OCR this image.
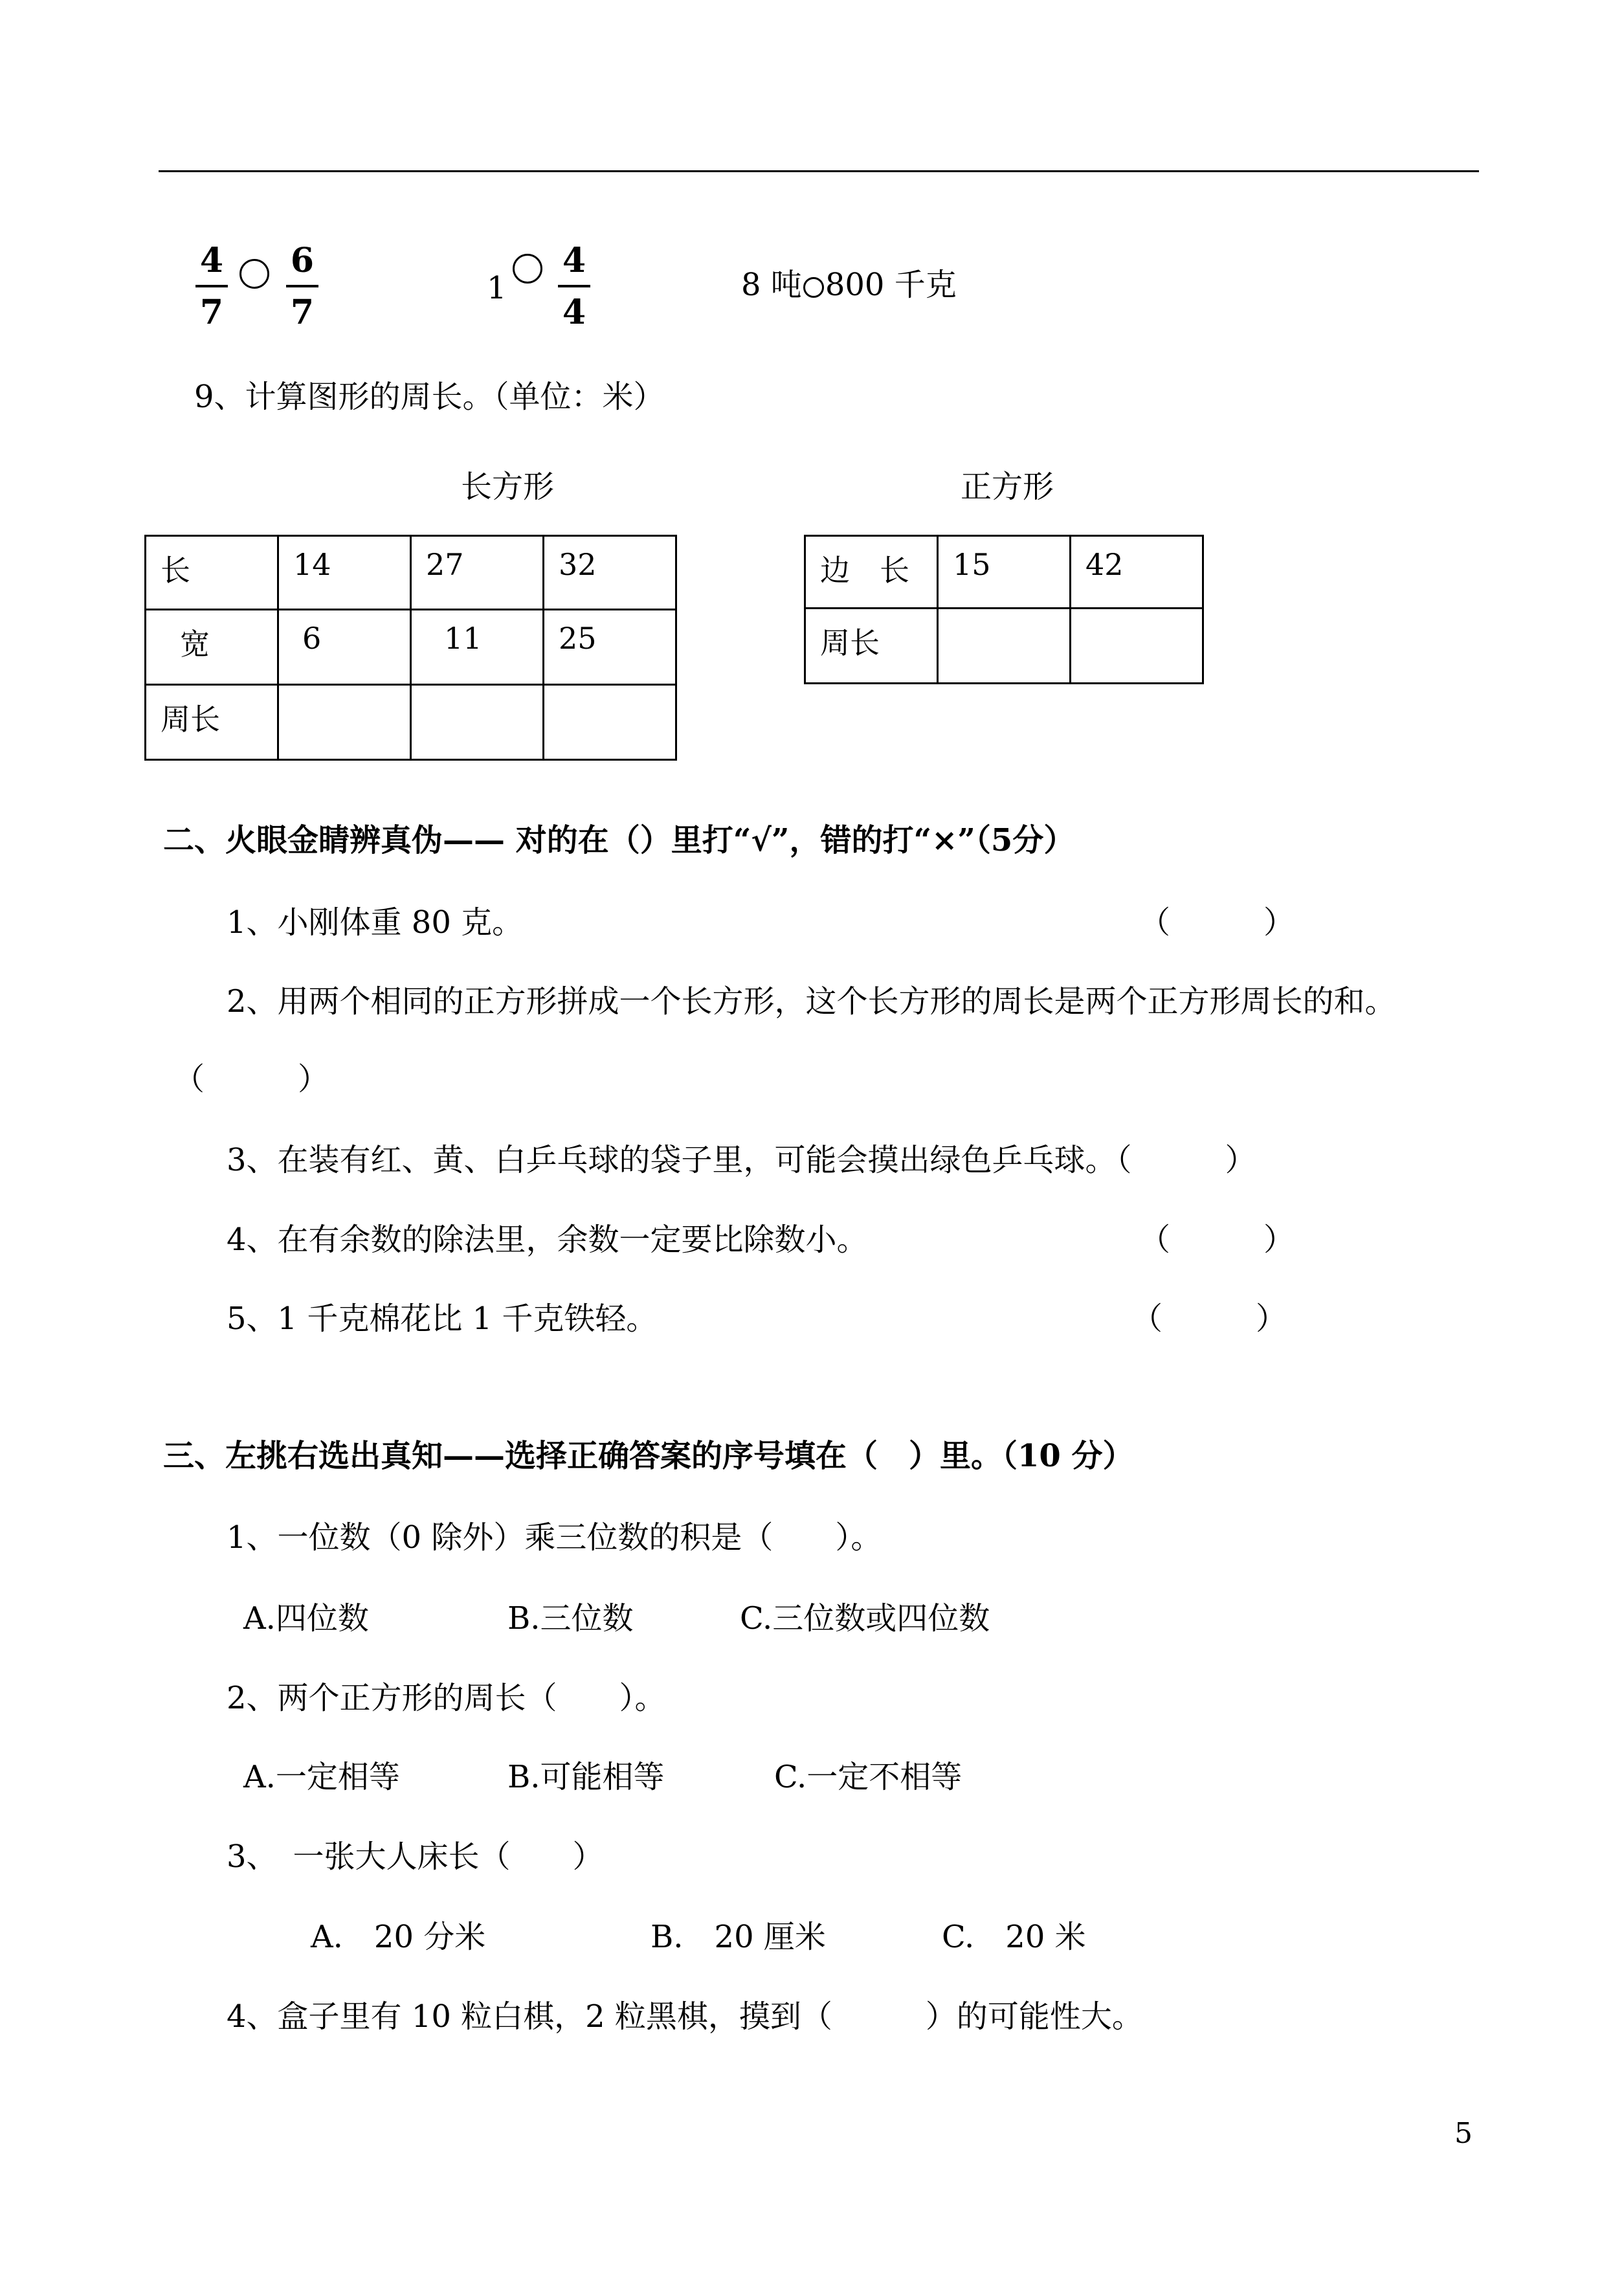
4
7
6
7
1
4
4
8 吨 800 千克
9、计算图形的周长。（单位：米）
长方形	正方形
长	14	27	32
宽	6	11	25
周长			
边　长	15	42
周长		
二、火眼金睛辨真伪—— 对的在（）里打“√”，错的打“×”（5分）
1、小刚体重 80 克。	（　　　）
2、用两个相同的正方形拼成一个长方形，这个长方形的周长是两个正方形周长的和。
（　　　）
3、在装有红、黄、白乒乓球的袋子里，可能会摸出绿色乒乓球。（　　　）
4、在有余数的除法里，余数一定要比除数小。	（　　　）
5、1 千克棉花比 1 千克铁轻。	（　　　）
三、左挑右选出真知——选择正确答案的序号填在（　）里。（10 分）
1、一位数（0 除外）乘三位数的积是（　　）。
A.四位数	B.三位数	C.三位数或四位数
2、两个正方形的周长（　　）。
A.一定相等	B.可能相等	C.一定不相等
3、　一张大人床长（　　）
A.　20 分米	B.　20 厘米	C.　20 米
4、盒子里有 10 粒白棋，2 粒黑棋，摸到（　　　）的可能性大。
5
